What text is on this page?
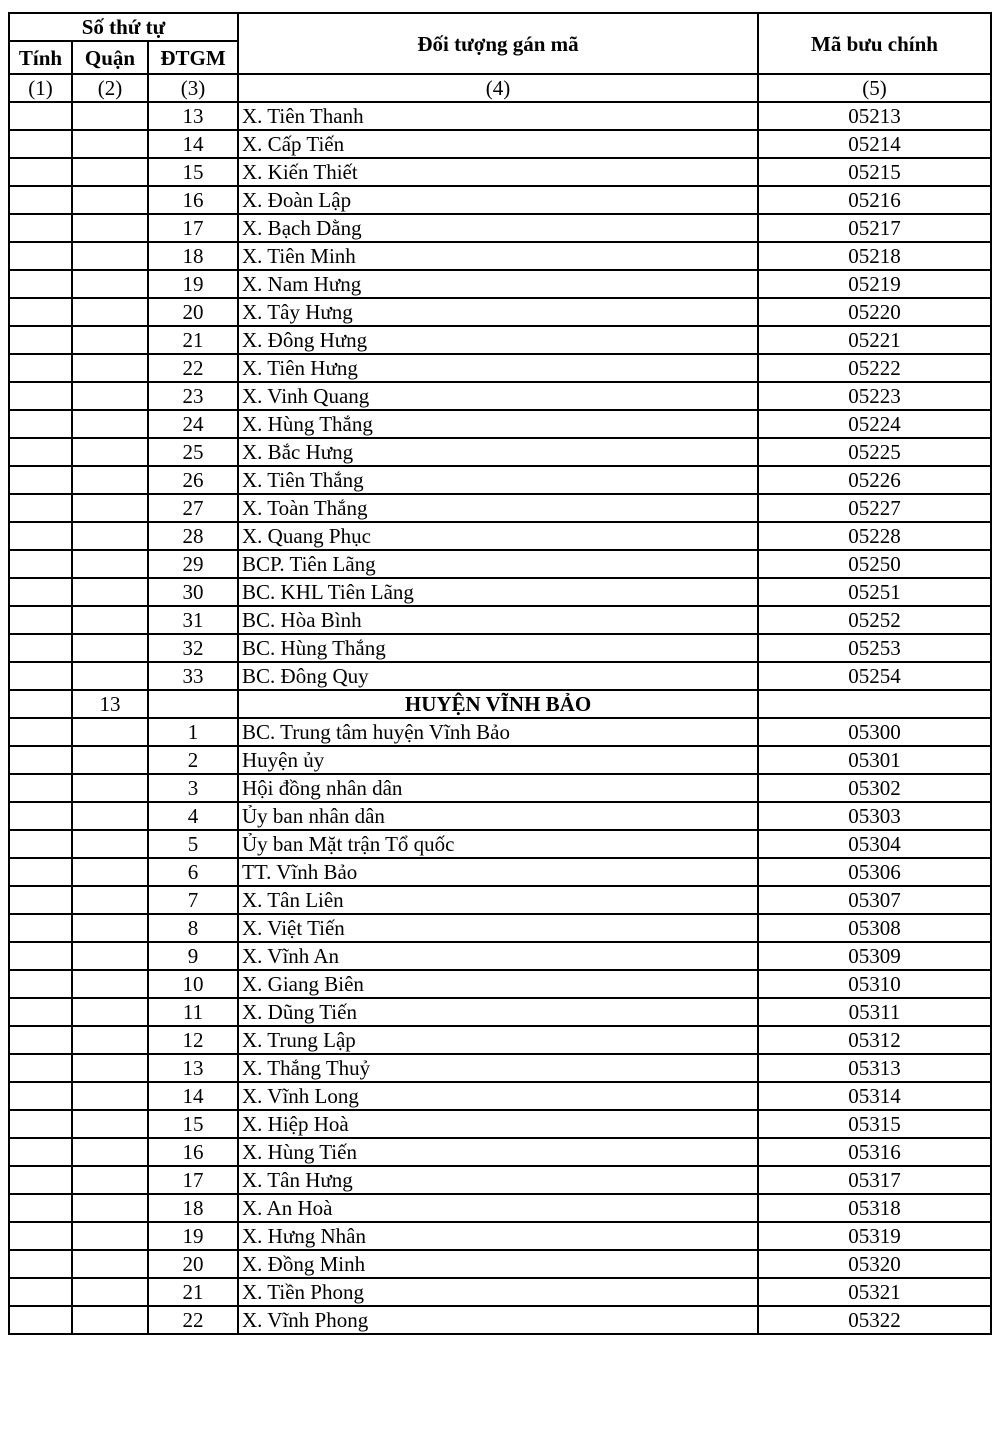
Số thứ tự			Đối tượng gán mã	Mã bưu chính
Tính	Quận	ĐTGM		
(1)	(2)	(3)	(4)	(5)
		13	X. Tiên Thanh	05213
		14	X. Cấp Tiến	05214
		15	X. Kiến Thiết	05215
		16	X. Đoàn Lập	05216
		17	X. Bạch Dằng	05217
		18	X. Tiên Minh	05218
		19	X. Nam Hưng	05219
		20	X. Tây Hưng	05220
		21	X. Đông Hưng	05221
		22	X. Tiên Hưng	05222
		23	X. Vinh Quang	05223
		24	X. Hùng Thắng	05224
		25	X. Bắc Hưng	05225
		26	X. Tiên Thắng	05226
		27	X. Toàn Thắng	05227
		28	X. Quang Phục	05228
		29	BCP. Tiên Lãng	05250
		30	BC. KHL Tiên Lãng	05251
		31	BC. Hòa Bình	05252
		32	BC. Hùng Thắng	05253
		33	BC. Đông Quy	05254
	13		HUYỆN VĨNH BẢO	
		1	BC. Trung tâm huyện Vĩnh Bảo	05300
		2	Huyện ủy	05301
		3	Hội đồng nhân dân	05302
		4	Ủy ban nhân dân	05303
		5	Ủy ban Mặt trận Tổ quốc	05304
		6	TT. Vĩnh Bảo	05306
		7	X. Tân Liên	05307
		8	X. Việt Tiến	05308
		9	X. Vĩnh An	05309
		10	X. Giang Biên	05310
		11	X. Dũng Tiến	05311
		12	X. Trung Lập	05312
		13	X. Thắng Thuỷ	05313
		14	X. Vĩnh Long	05314
		15	X. Hiệp Hoà	05315
		16	X. Hùng Tiến	05316
		17	X. Tân Hưng	05317
		18	X. An Hoà	05318
		19	X. Hưng Nhân	05319
		20	X. Đồng Minh	05320
		21	X. Tiền Phong	05321
		22	X. Vĩnh Phong	05322
